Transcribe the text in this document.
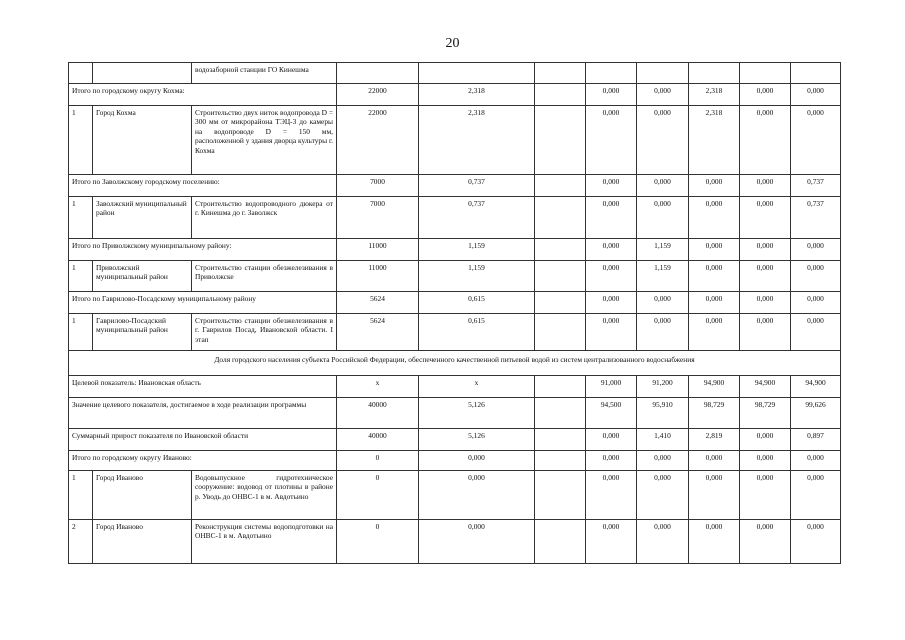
20
		водозаборной станции ГО Кинешма									
Итого по городскому округу Кохма:			22000	2,318		0,000	0,000	2,318	0,000	0,000	
1	Город Кохма	Строительство двух ниток водопровода D = 300 мм от микрорайона ТЭЦ-3 до камеры на водопроводе D = 150 мм, расположенной у здания дворца культуры г. Кохма	22000	2,318		0,000	0,000	2,318	0,000	0,000	
Итого по Заволжскому городскому поселению:			7000	0,737		0,000	0,000	0,000	0,000	0,737	
1	Заволжский муниципальный район	Строительство водопроводного дюкера от г. Кинешма до г. Заволжск	7000	0,737		0,000	0,000	0,000	0,000	0,737	
Итого по Приволжскому муниципальному району:			11000	1,159		0,000	1,159	0,000	0,000	0,000	
1	Приволжский муниципальный район	Строительство станции обезжелезивания в Приволжске	11000	1,159		0,000	1,159	0,000	0,000	0,000	
Итого по Гаврилово-Посадскому муниципальному району			5624	0,615		0,000	0,000	0,000	0,000	0,000	
1	Гаврилово-Посадский муниципальный район	Строительство станции обезжелезивания в г. Гаврилов Посад, Ивановской области. I этап	5624	0,615		0,000	0,000	0,000	0,000	0,000	
Доля городского населения субъекта Российской Федерации, обеспеченного качественной питьевой водой из систем централизованного водоснабжения											
Целевой показатель: Ивановская область			x	x		91,000	91,200	94,900	94,900	94,900	
Значение целевого показателя, достигаемое в ходе реализации программы			40000	5,126		94,500	95,910	98,729	98,729	99,626	
Суммарный прирост показателя по Ивановской области			40000	5,126		0,000	1,410	2,819	0,000	0,897	
Итого по городскому округу Иваново:			0	0,000		0,000	0,000	0,000	0,000	0,000	
1	Город Иваново	Водовыпускное гидротехническое сооружение: водовод от плотины в районе р. Уводь до ОНВС-1 в м. Авдотьино	0	0,000		0,000	0,000	0,000	0,000	0,000	
2	Город Иваново	Реконструкция системы водоподготовки на ОНВС-1 в м. Авдотьино	0	0,000		0,000	0,000	0,000	0,000	0,000	
